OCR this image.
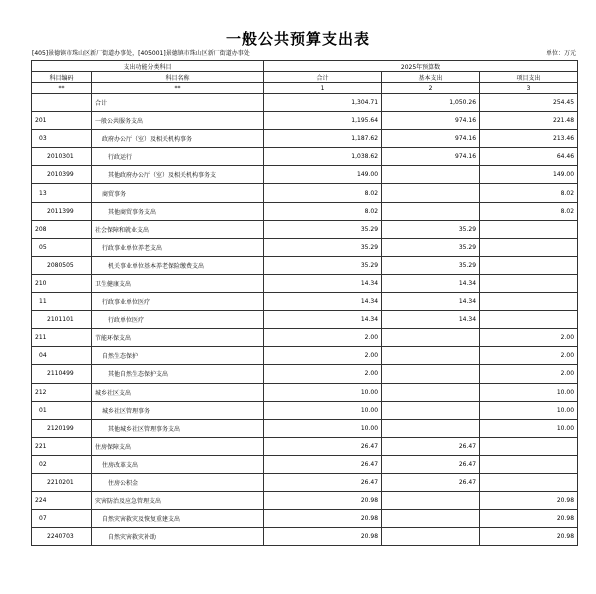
一般公共预算支出表
[405]景德镇市珠山区新厂街道办事处，[405001]景德镇市珠山区新厂街道办事处	单位：万元
支出功能分类科目		2025年预算数		
科目编码	科目名称	合计	基本支出	项目支出
**	**	1	2	3
	合计	1,304.71	1,050.26	254.45
201	一般公共服务支出	1,195.64	974.16	221.48
03	政府办公厅（室）及相关机构事务	1,187.62	974.16	213.46
2010301	行政运行	1,038.62	974.16	64.46
2010399	其他政府办公厅（室）及相关机构事务支	149.00		149.00
13	商贸事务	8.02		8.02
2011399	其他商贸事务支出	8.02		8.02
208	社会保障和就业支出	35.29	35.29	
05	行政事业单位养老支出	35.29	35.29	
2080505	机关事业单位基本养老保险缴费支出	35.29	35.29	
210	卫生健康支出	14.34	14.34	
11	行政事业单位医疗	14.34	14.34	
2101101	行政单位医疗	14.34	14.34	
211	节能环保支出	2.00		2.00
04	自然生态保护	2.00		2.00
2110499	其他自然生态保护支出	2.00		2.00
212	城乡社区支出	10.00		10.00
01	城乡社区管理事务	10.00		10.00
2120199	其他城乡社区管理事务支出	10.00		10.00
221	住房保障支出	26.47	26.47	
02	住房改革支出	26.47	26.47	
2210201	住房公积金	26.47	26.47	
224	灾害防治及应急管理支出	20.98		20.98
07	自然灾害救灾及恢复重建支出	20.98		20.98
2240703	自然灾害救灾补助	20.98		20.98
